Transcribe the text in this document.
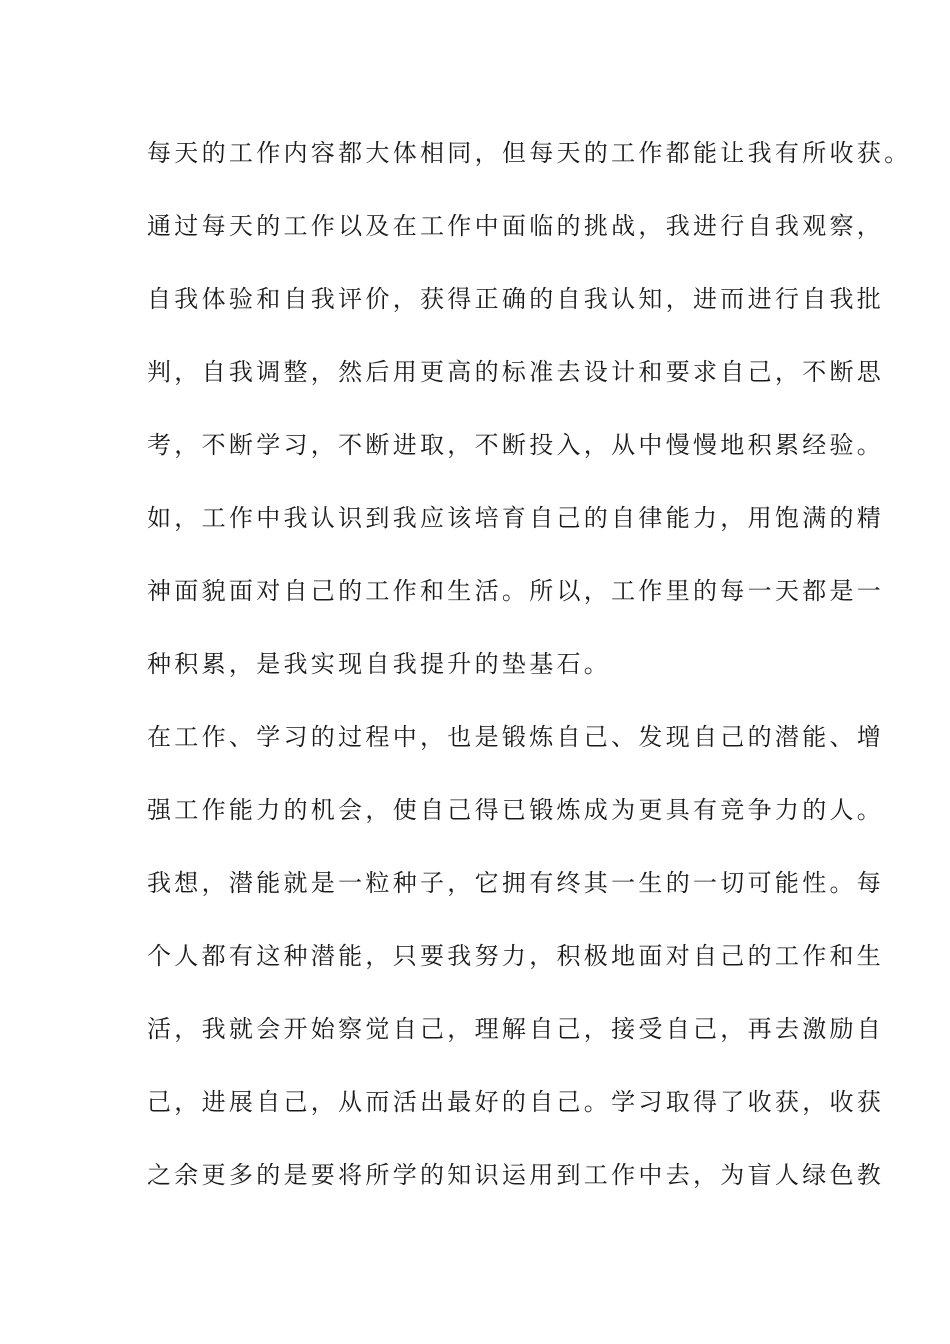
每天的工作内容都大体相同，但每天的工作都能让我有所收获。
通过每天的工作以及在工作中面临的挑战，我进行自我观察，
自我体验和自我评价，获得正确的自我认知，进而进行自我批
判，自我调整，然后用更高的标准去设计和要求自己，不断思
考，不断学习，不断进取，不断投入，从中慢慢地积累经验。
如，工作中我认识到我应该培育自己的自律能力，用饱满的精
神面貌面对自己的工作和生活。所以，工作里的每一天都是一
种积累，是我实现自我提升的垫基石。
在工作、学习的过程中，也是锻炼自己、发现自己的潜能、增
强工作能力的机会，使自己得已锻炼成为更具有竞争力的人。
我想，潜能就是一粒种子，它拥有终其一生的一切可能性。每
个人都有这种潜能，只要我努力，积极地面对自己的工作和生
活，我就会开始察觉自己，理解自己，接受自己，再去激励自
己，进展自己，从而活出最好的自己。学习取得了收获，收获
之余更多的是要将所学的知识运用到工作中去，为盲人绿色教
